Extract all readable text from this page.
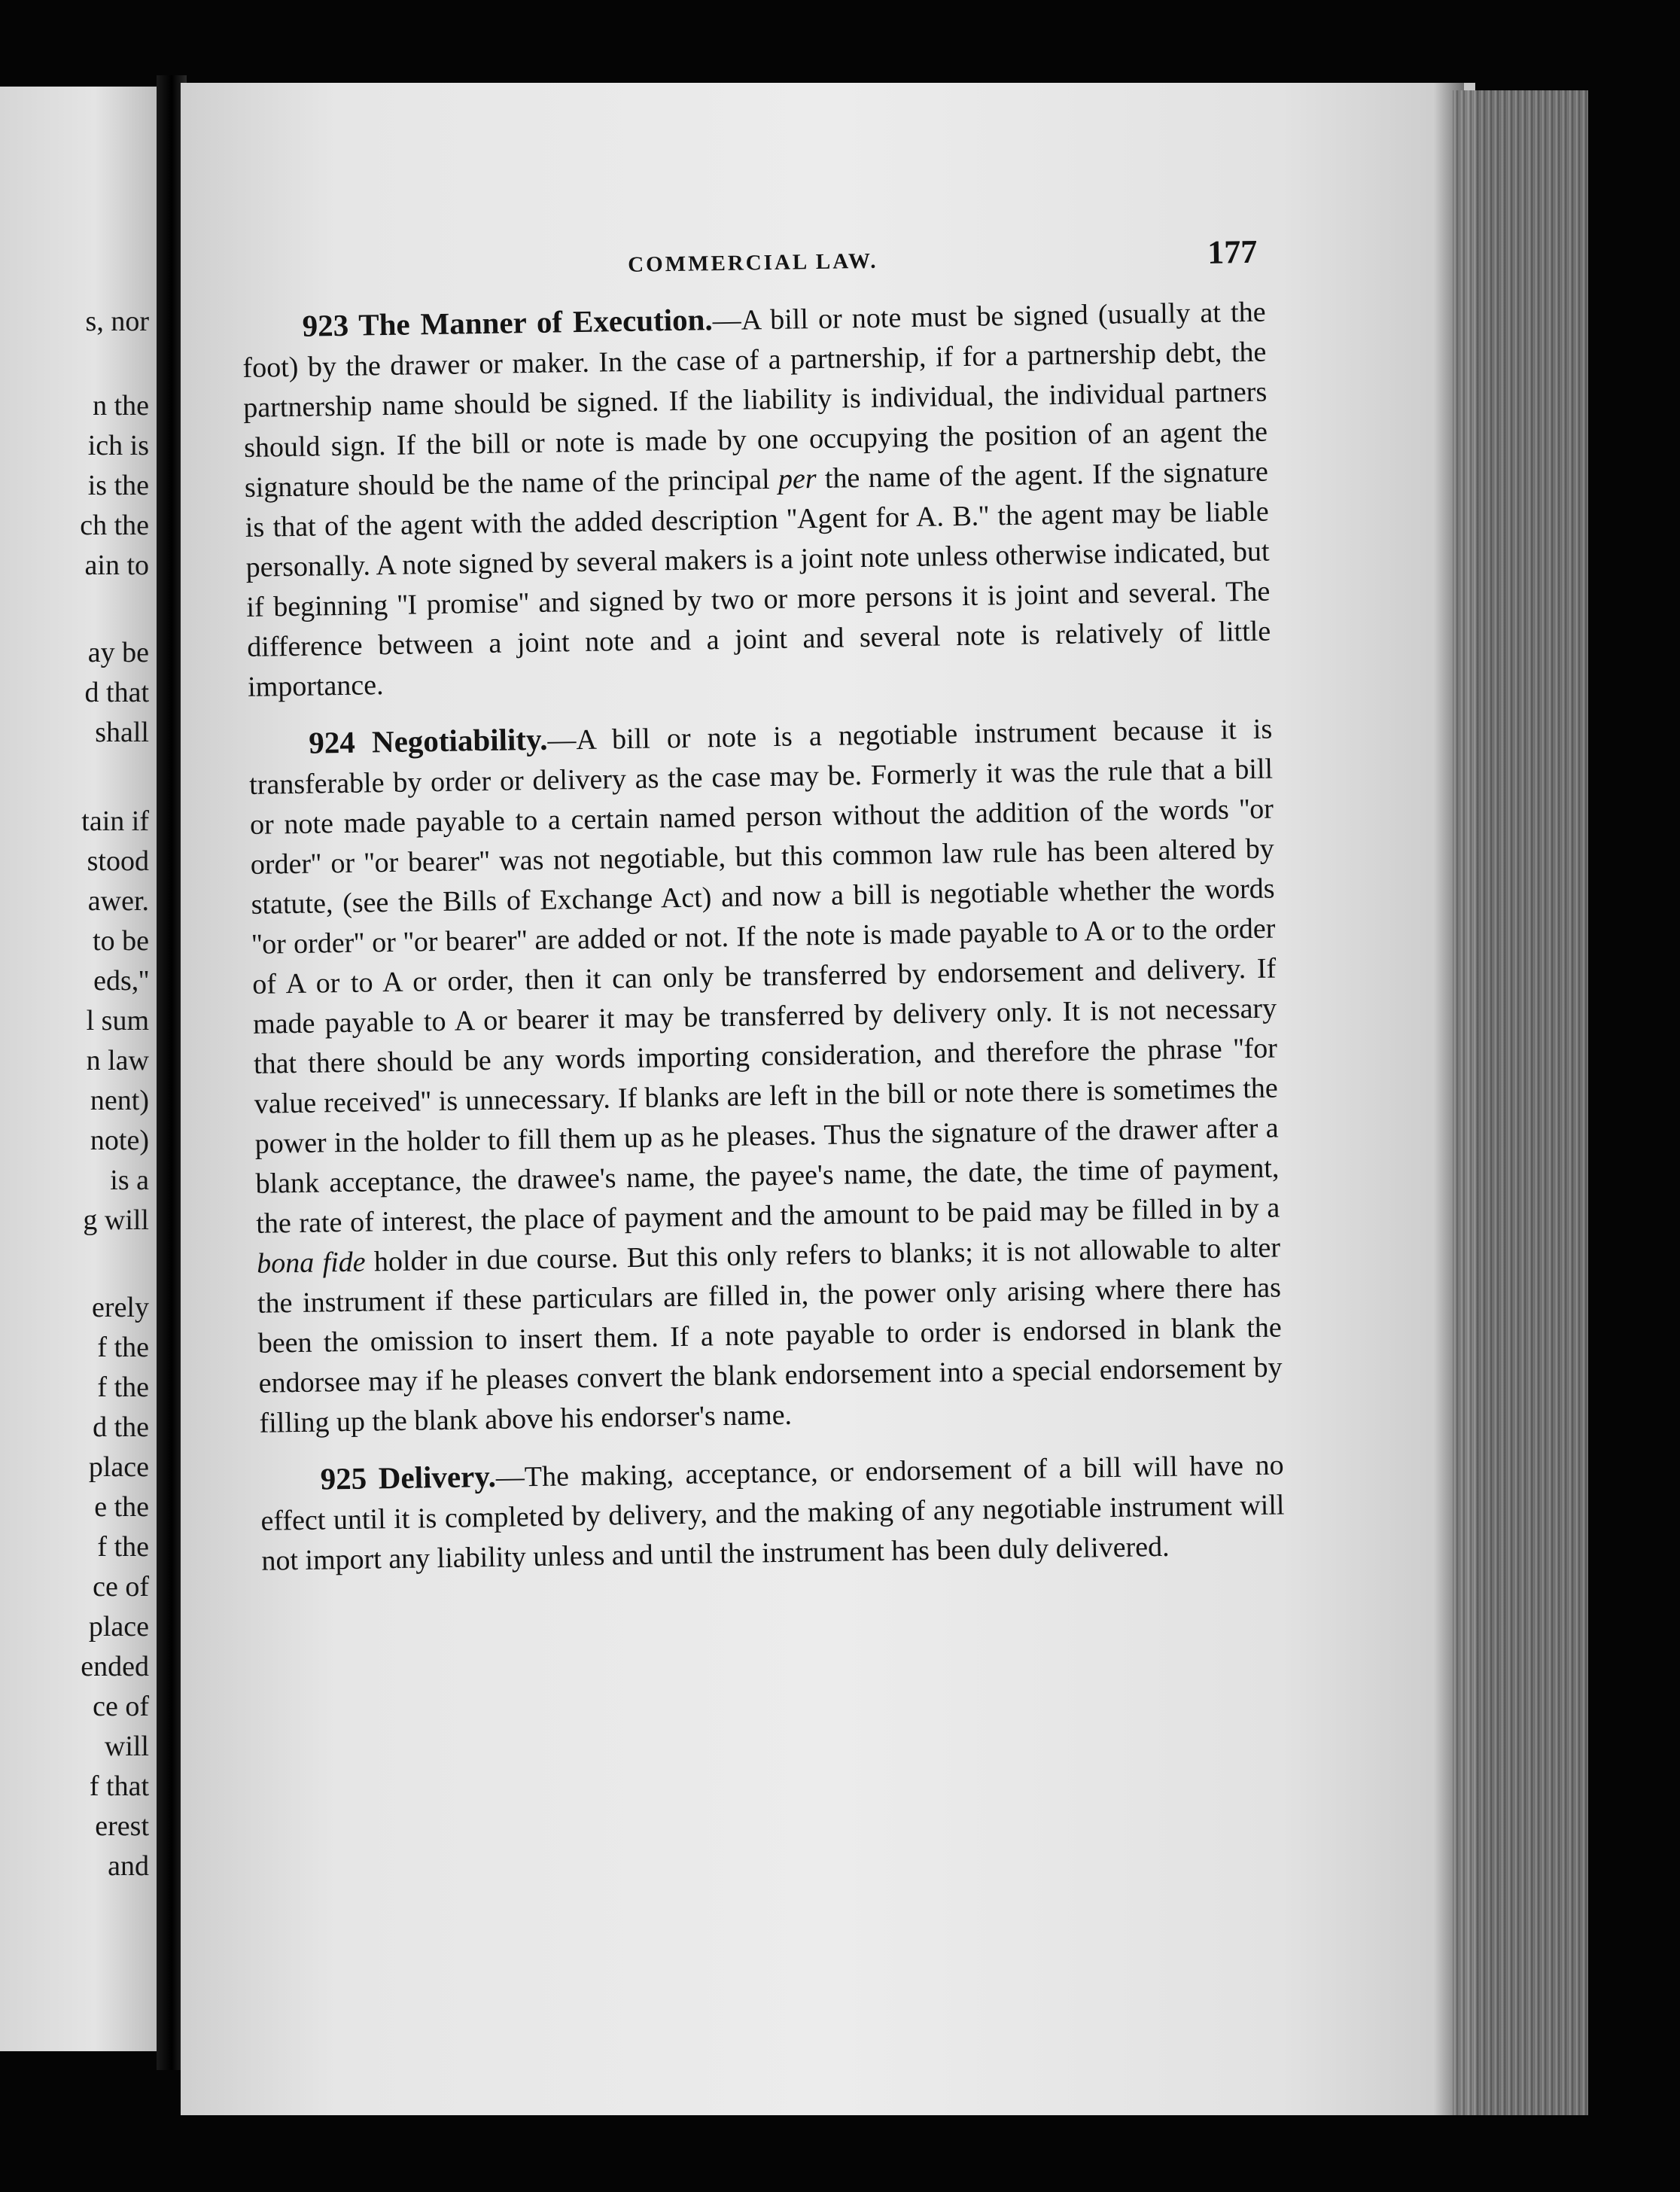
s, nor
n the
ich is
is the
ch the
ain to
ay be
d that
shall
tain if
stood
awer.
to be
eds,''
l sum
n law
nent)
note)
is a
g will
erely
f the
f the
d the
place
e the
f the
ce of
place
ended
ce of
will
f that
erest
and
COMMERCIAL LAW.	177

923 The Manner of Execution.—A bill or note must be signed (usually at the foot) by the drawer or maker. In the case of a partnership, if for a partnership debt, the partnership name should be signed. If the liability is individual, the individual partners should sign. If the bill or note is made by one occupying the position of an agent the signature should be the name of the principal per the name of the agent. If the signature is that of the agent with the added description ''Agent for A. B.'' the agent may be liable personally. A note signed by several makers is a joint note unless otherwise indicated, but if beginning ''I promise'' and signed by two or more persons it is joint and several. The difference between a joint note and a joint and several note is relatively of little importance.

924 Negotiability.—A bill or note is a negotiable instrument because it is transferable by order or delivery as the case may be. Formerly it was the rule that a bill or note made payable to a certain named person without the addition of the words ''or order'' or ''or bearer'' was not negotiable, but this common law rule has been altered by statute, (see the Bills of Exchange Act) and now a bill is negotiable whether the words ''or order'' or ''or bearer'' are added or not. If the note is made payable to A or to the order of A or to A or order, then it can only be transferred by endorsement and delivery. If made payable to A or bearer it may be transferred by delivery only. It is not necessary that there should be any words importing consideration, and therefore the phrase ''for value received'' is unnecessary. If blanks are left in the bill or note there is sometimes the power in the holder to fill them up as he pleases. Thus the signature of the drawer after a blank acceptance, the drawee's name, the payee's name, the date, the time of payment, the rate of interest, the place of payment and the amount to be paid may be filled in by a bona fide holder in due course. But this only refers to blanks; it is not allowable to alter the instrument if these particulars are filled in, the power only arising where there has been the omission to insert them. If a note payable to order is endorsed in blank the endorsee may if he pleases convert the blank endorsement into a special endorsement by filling up the blank above his endorser's name.

925 Delivery.—The making, acceptance, or endorsement of a bill will have no effect until it is completed by delivery, and the making of any negotiable instrument will not import any liability unless and until the instrument has been duly delivered.
